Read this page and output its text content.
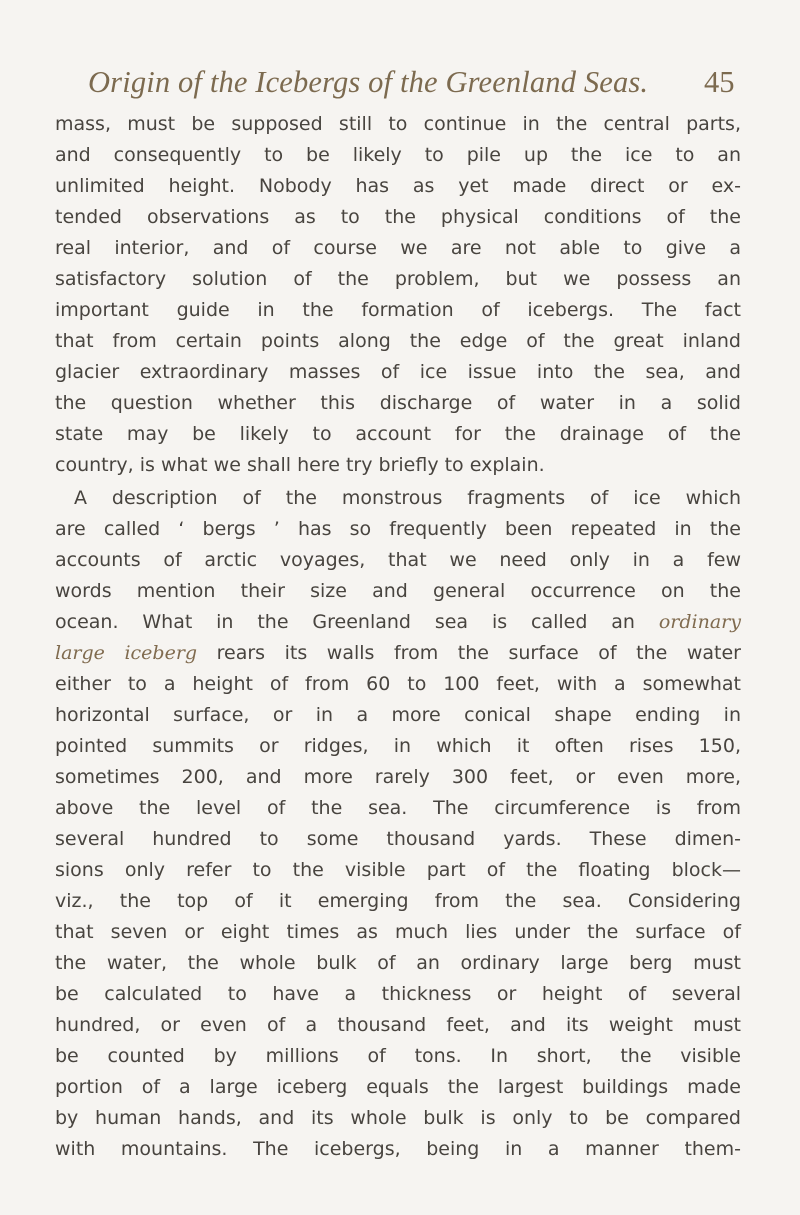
Origin of the Icebergs of the Greenland Seas. 45
mass, must be supposed still to continue in the central parts,
and consequently to be likely to pile up the ice to an
unlimited height. Nobody has as yet made direct or ex-
tended observations as to the physical conditions of the
real interior, and of course we are not able to give a
satisfactory solution of the problem, but we possess an
important guide in the formation of icebergs. The fact
that from certain points along the edge of the great inland
glacier extraordinary masses of ice issue into the sea, and
the question whether this discharge of water in a solid
state may be likely to account for the drainage of the
country, is what we shall here try briefly to explain.
A description of the monstrous fragments of ice which
are called ‘ bergs ’ has so frequently been repeated in the
accounts of arctic voyages, that we need only in a few
words mention their size and general occurrence on the
ocean. What in the Greenland sea is called an ordinary
large iceberg rears its walls from the surface of the water
either to a height of from 60 to 100 feet, with a somewhat
horizontal surface, or in a more conical shape ending in
pointed summits or ridges, in which it often rises 150,
sometimes 200, and more rarely 300 feet, or even more,
above the level of the sea. The circumference is from
several hundred to some thousand yards. These dimen-
sions only refer to the visible part of the floating block—
viz., the top of it emerging from the sea. Considering
that seven or eight times as much lies under the surface of
the water, the whole bulk of an ordinary large berg must
be calculated to have a thickness or height of several
hundred, or even of a thousand feet, and its weight must
be counted by millions of tons. In short, the visible
portion of a large iceberg equals the largest buildings made
by human hands, and its whole bulk is only to be compared
with mountains. The icebergs, being in a manner them-
